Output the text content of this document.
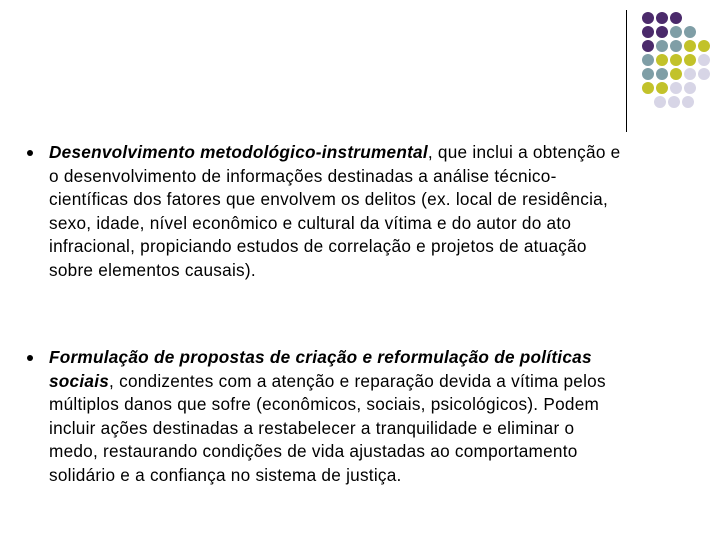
Desenvolvimento metodológico-instrumental, que inclui a obtenção e
o desenvolvimento de informações destinadas a análise técnico-
científicas dos fatores que envolvem os delitos (ex. local de residência,
sexo, idade, nível econômico e cultural da vítima e do autor do ato
infracional, propiciando estudos de correlação e projetos de atuação
sobre elementos causais).
Formulação de propostas de criação e reformulação de políticas
sociais, condizentes com a atenção e reparação devida a vítima pelos
múltiplos danos que sofre (econômicos, sociais, psicológicos). Podem
incluir ações destinadas a restabelecer a tranquilidade e eliminar o
medo, restaurando condições de vida ajustadas ao comportamento
solidário e a confiança no sistema de justiça.
